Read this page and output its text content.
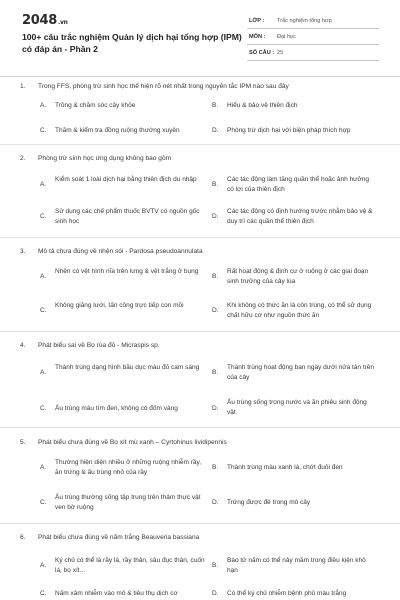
2048.vn
100+ câu trắc nghiệm Quản lý dịch hại tổng hợp (IPM) có đáp án - Phần 2
LỚP :	Trắc nghiệm tổng hợp
MÔN :	Đại học
SỐ CÂU : 25
1. Trong FFS, phòng trừ sinh học thể hiện rõ nét nhất trong nguyên tắc IPM nào sau đây
A.	Trồng & chăm sóc cây khỏe	B.	Hiểu & bảo vệ thiên địch
C.	Thăm & kiểm tra đồng ruộng thường xuyên	D.	Phòng trừ dịch hại với biện pháp thích hợp
2. Phòng trừ sinh học ứng dụng không bao gồm
A.
Kiểm soát 1 loài dịch hại bằng thiên địch du nhập
B.
Các tác động làm tăng quần thể hoặc ảnh hưởng có lợi của thiên địch
C.
Sử dụng các chế phẩm thuốc BVTV có nguồn gốc sinh học
D.
Các tác động có định hướng trước nhằm bảo vệ & duy trì các quần thể thiên địch
3. Mô tả chưa đúng về nhện sói - Pardosa pseudoannulata
A.
Nhện có vệt hình nĩa trên lưng & vệt trắng ở bụng
B.
Rất hoạt động & định cư ở ruộng ở các giai đoạn sinh trưởng của cây lúa
C.
Không giăng lưới, tấn công trực tiếp con mồi
D.
Khi không có thức ăn là côn trùng, có thể sử dụng chất hữu cơ như nguồn thức ăn
4. Phát biểu sai về Bọ rùa đỏ - Micraspis sp.
A.
Thành trùng dạng hình bầu dục màu đỏ cam sáng
B.
Thành trùng hoạt động ban ngày dưới nửa tán trên của cây
C.	Ấu trùng màu tím đen, không có đốm vàng	D.
Ấu trùng sống trong nước và ăn phiêu sinh động vật
5. Phát biểu chưa đúng về Bọ xít mù xanh – Cyrtohinus lividipennis
A.
Thường hiện diện nhiều ở những ruộng nhiễm rầy, ăn trứng & ấu trùng nhỏ của rầy
B.	Thành trùng màu xanh lá, chớt đuôi đen
C.
Ấu trùng thường sống tập trung trên thảm thực vật ven bờ ruộng
D.	Trứng được đẻ trong mô cây
6. Phát biểu chưa đúng về nấm trắng Beauveria bassiana
A.
Ký chủ có thể là rầy lá, rầy thân, sâu đục thân, cuốn lá, bọ xít...
B.
Bào tử nấm có thể nảy mầm trong điều kiện khô hạn
C.	Nấm xâm nhiễm vào mô & tiêu thụ dịch cơ	D.	Có thể ký chủ nhiễm bệnh phủ màu trắng
